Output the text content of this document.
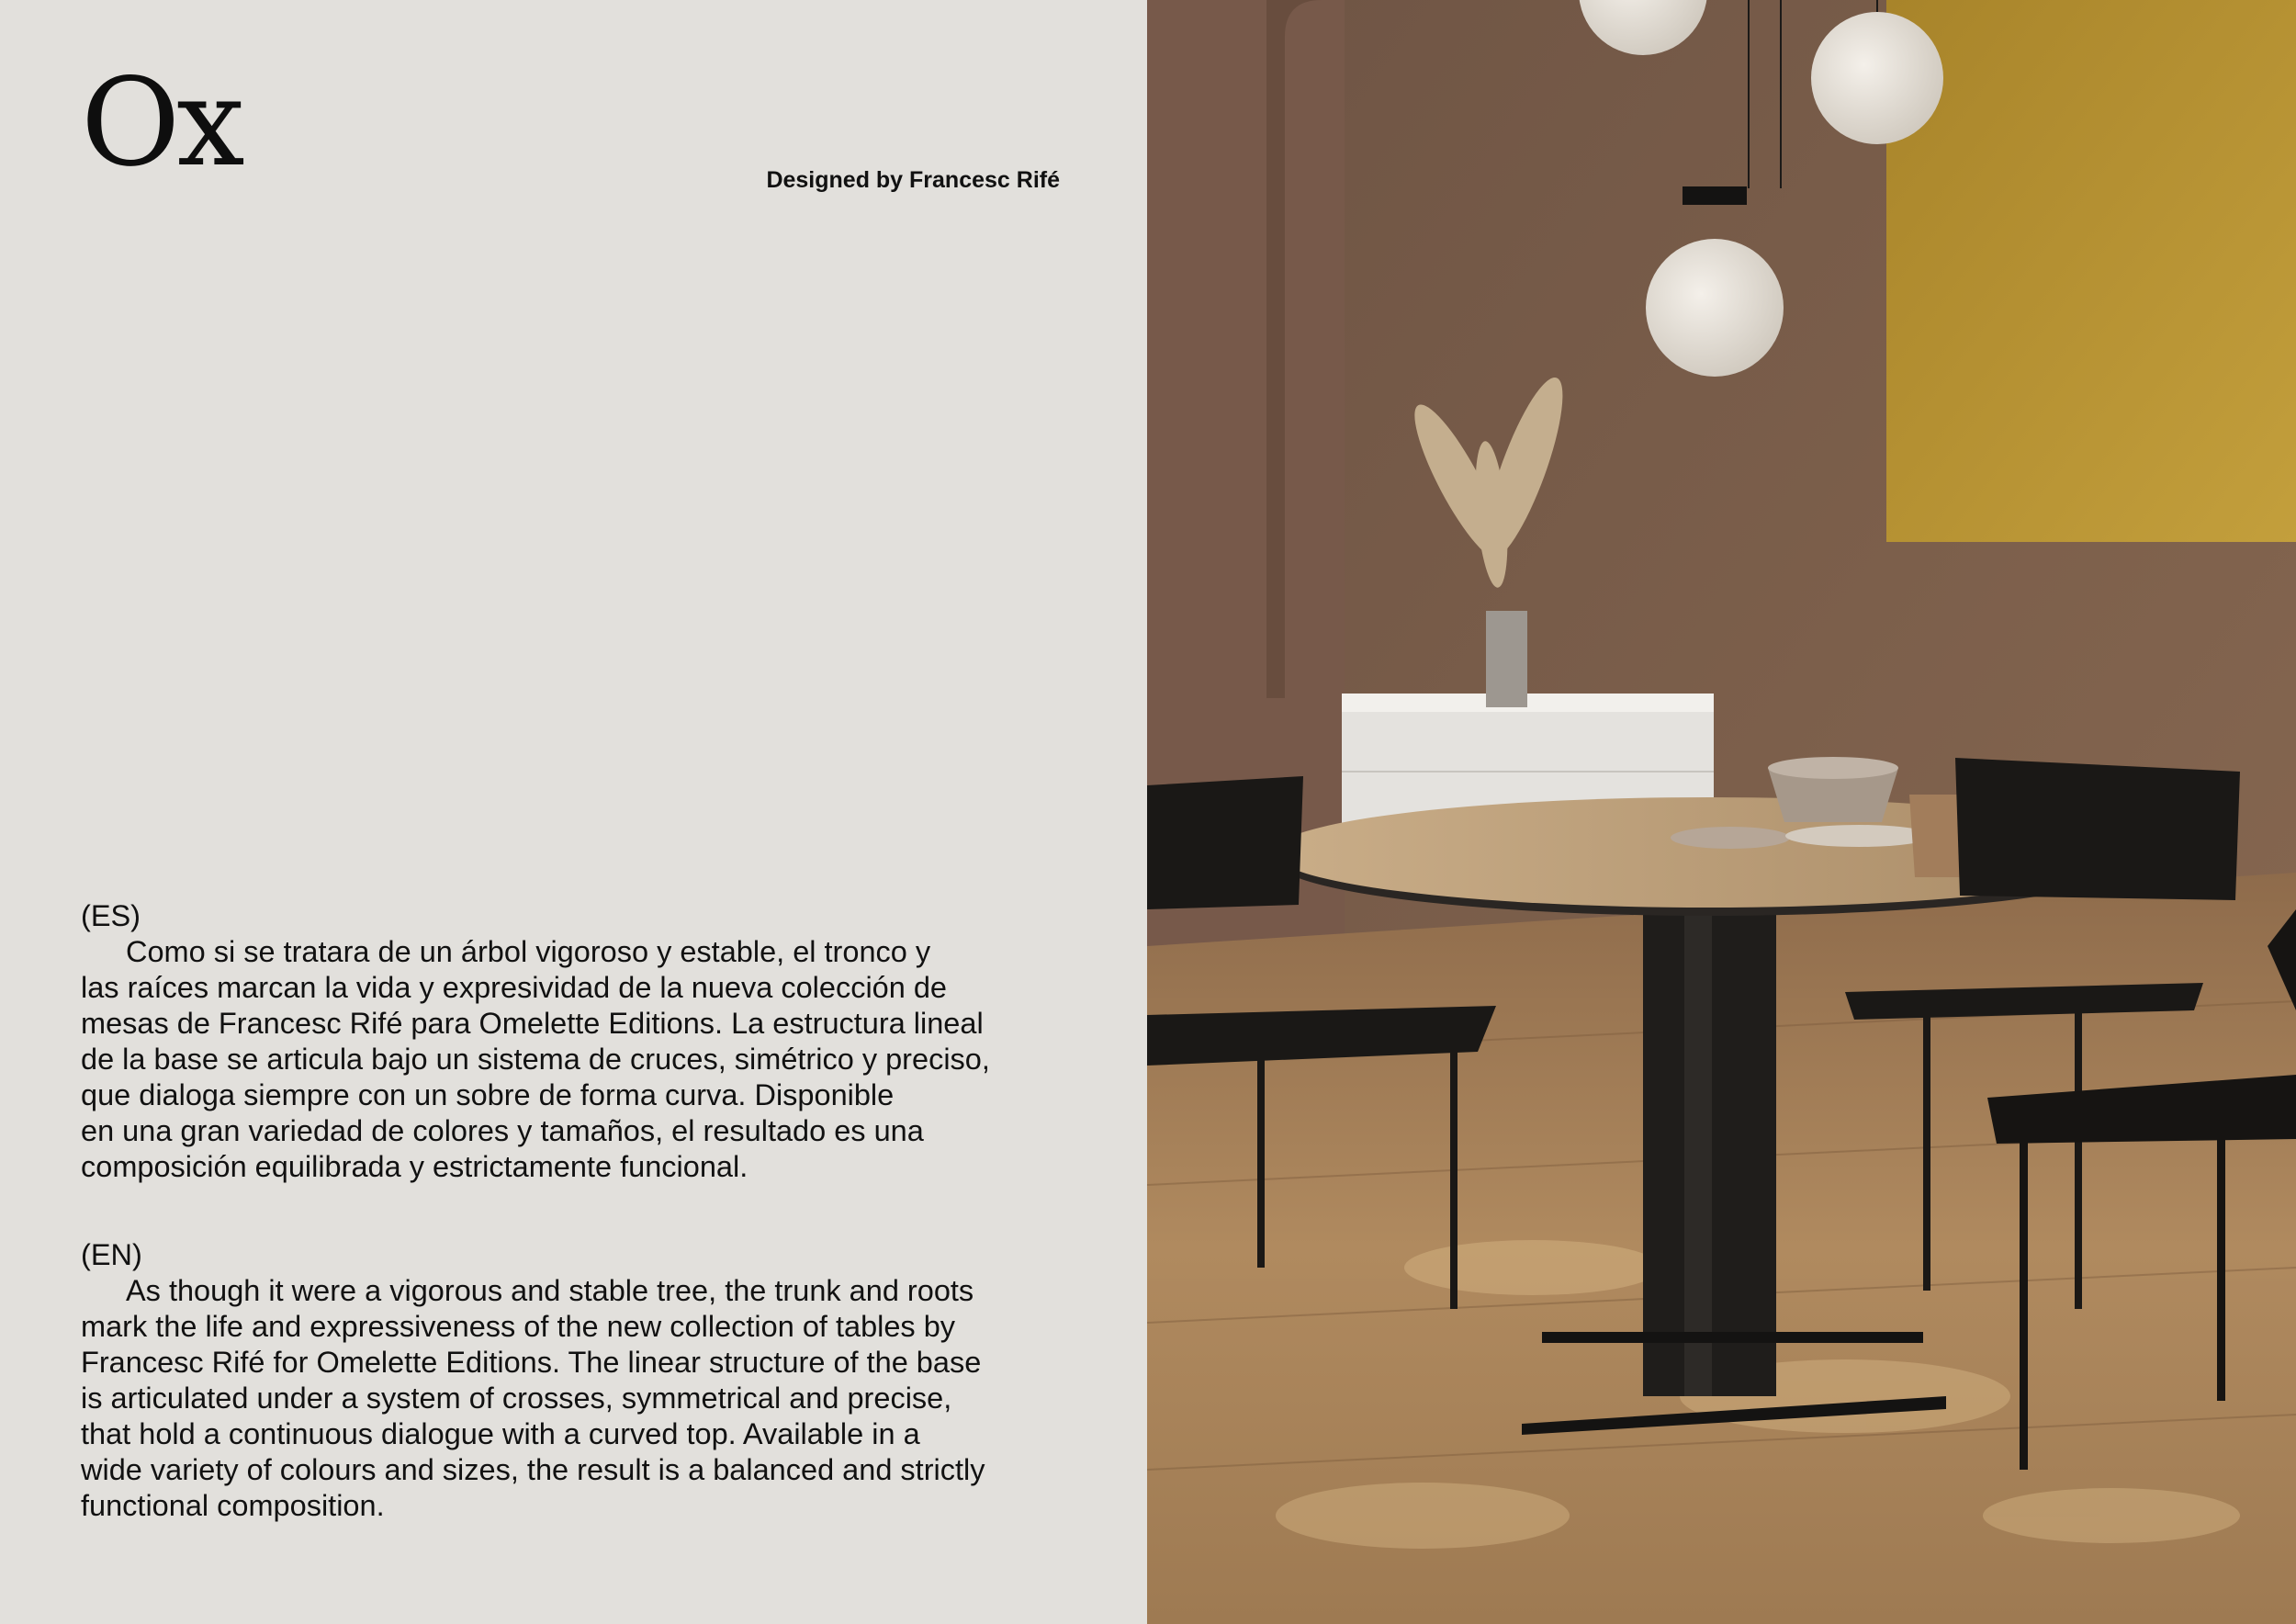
Ox	Designed by Francesc Rifé
(ES)

Como si se tratara de un árbol vigoroso y estable, el tronco y
las raíces marcan la vida y expresividad de la nueva colección de
mesas de Francesc Rifé para Omelette Editions. La estructura lineal
de la base se articula bajo un sistema de cruces, simétrico y preciso,
que dialoga siempre con un sobre de forma curva. Disponible
en una gran variedad de colores y tamaños, el resultado es una
composición equilibrada y estrictamente funcional.

(EN)

As though it were a vigorous and stable tree, the trunk and roots
mark the life and expressiveness of the new collection of tables by
Francesc Rifé for Omelette Editions. The linear structure of the base
is articulated under a system of crosses, symmetrical and precise,
that hold a continuous dialogue with a curved top. Available in a
wide variety of colours and sizes, the result is a balanced and strictly
functional composition.
